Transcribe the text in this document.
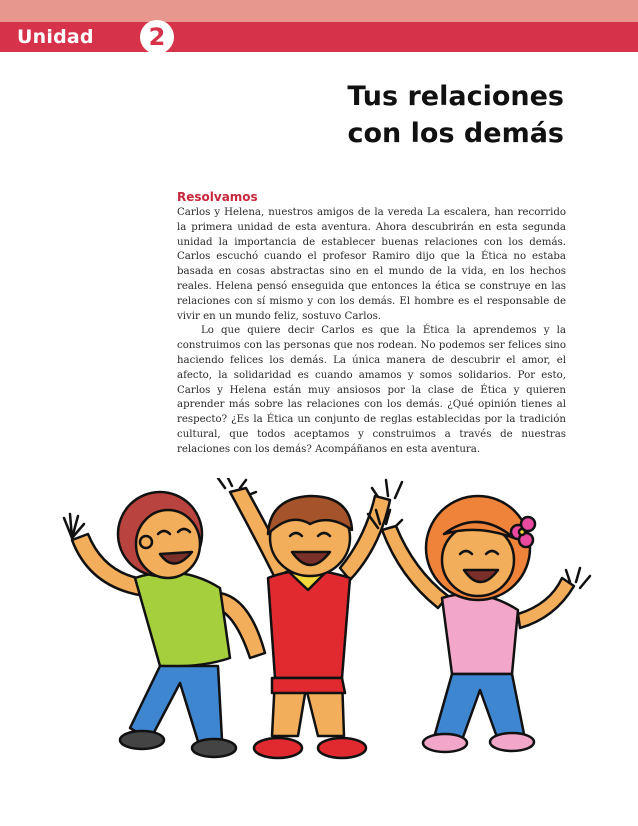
Unidad 2
Tus relaciones
con los demás
Resolvamos

Carlos y Helena, nuestros amigos de la vereda La escalera, han recorrido la primera unidad de esta aventura. Ahora descubrirán en esta segunda unidad la importancia de establecer buenas relaciones con los demás. Carlos escuchó cuando el profesor Ramiro dijo que la Ética no estaba basada en cosas abstractas sino en el mundo de la vida, en los hechos reales. Helena pensó enseguida que entonces la ética se construye en las relaciones con sí mismo y con los demás. El hombre es el responsable de vivir en un mundo feliz, sostuvo Carlos.

Lo que quiere decir Carlos es que la Ética la aprendemos y la construimos con las personas que nos rodean. No podemos ser felices sino haciendo felices los demás. La única manera de descubrir el amor, el afecto, la solidaridad es cuando amamos y somos solidarios. Por esto, Carlos y Helena están muy ansiosos por la clase de Ética y quieren aprender más sobre las relaciones con los demás. ¿Qué opinión tienes al respecto? ¿Es la Ética un conjunto de reglas establecidas por la tradición cultural, que todos aceptamos y construimos a través de nuestras relaciones con los demás? Acompáñanos en esta aventura.
